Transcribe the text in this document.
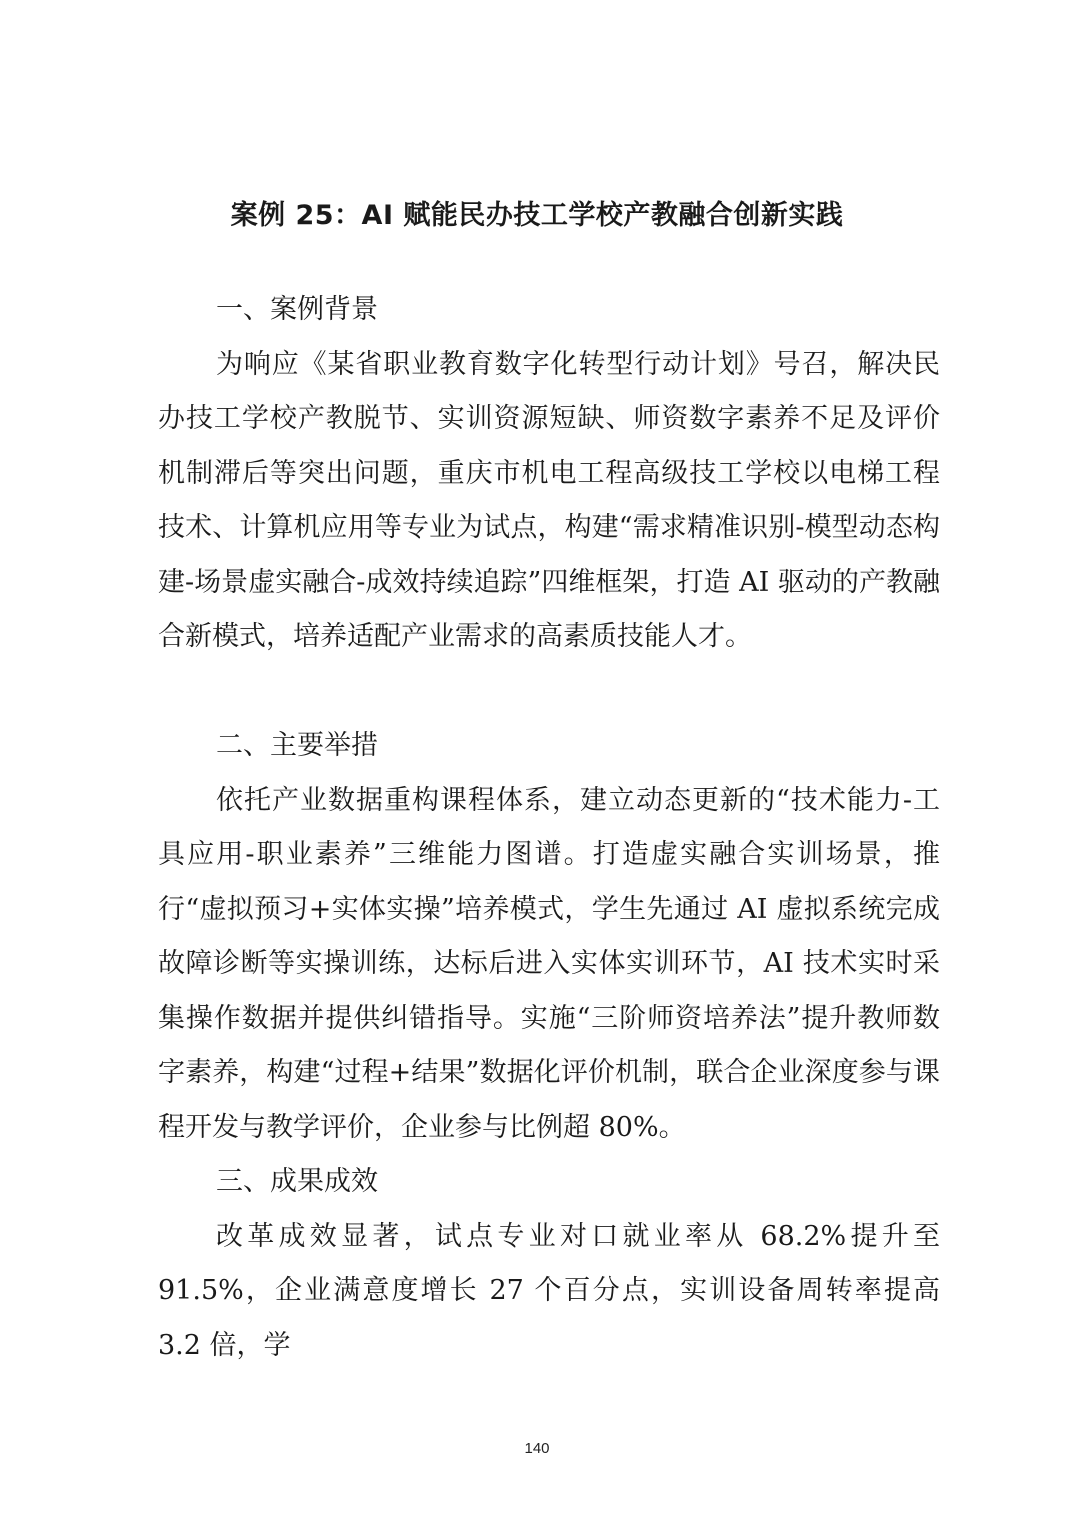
案例 25：AI 赋能民办技工学校产教融合创新实践
一、案例背景

为响应《某省职业教育数字化转型行动计划》号召，解决民办技工学校产教脱节、实训资源短缺、师资数字素养不足及评价机制滞后等突出问题，重庆市机电工程高级技工学校以电梯工程技术、计算机应用等专业为试点，构建“需求精准识别-模型动态构建-场景虚实融合-成效持续追踪”四维框架，打造 AI 驱动的产教融合新模式，培养适配产业需求的高素质技能人才。

二、主要举措

依托产业数据重构课程体系，建立动态更新的“技术能力-工具应用-职业素养”三维能力图谱。打造虚实融合实训场景，推行“虚拟预习+实体实操”培养模式，学生先通过 AI 虚拟系统完成故障诊断等实操训练，达标后进入实体实训环节，AI 技术实时采集操作数据并提供纠错指导。实施“三阶师资培养法”提升教师数字素养，构建“过程+结果”数据化评价机制，联合企业深度参与课程开发与教学评价，企业参与比例超 80%。

三、成果成效

改革成效显著，试点专业对口就业率从 68.2%提升至 91.5%，企业满意度增长 27 个百分点，实训设备周转率提高 3.2 倍，学

140
